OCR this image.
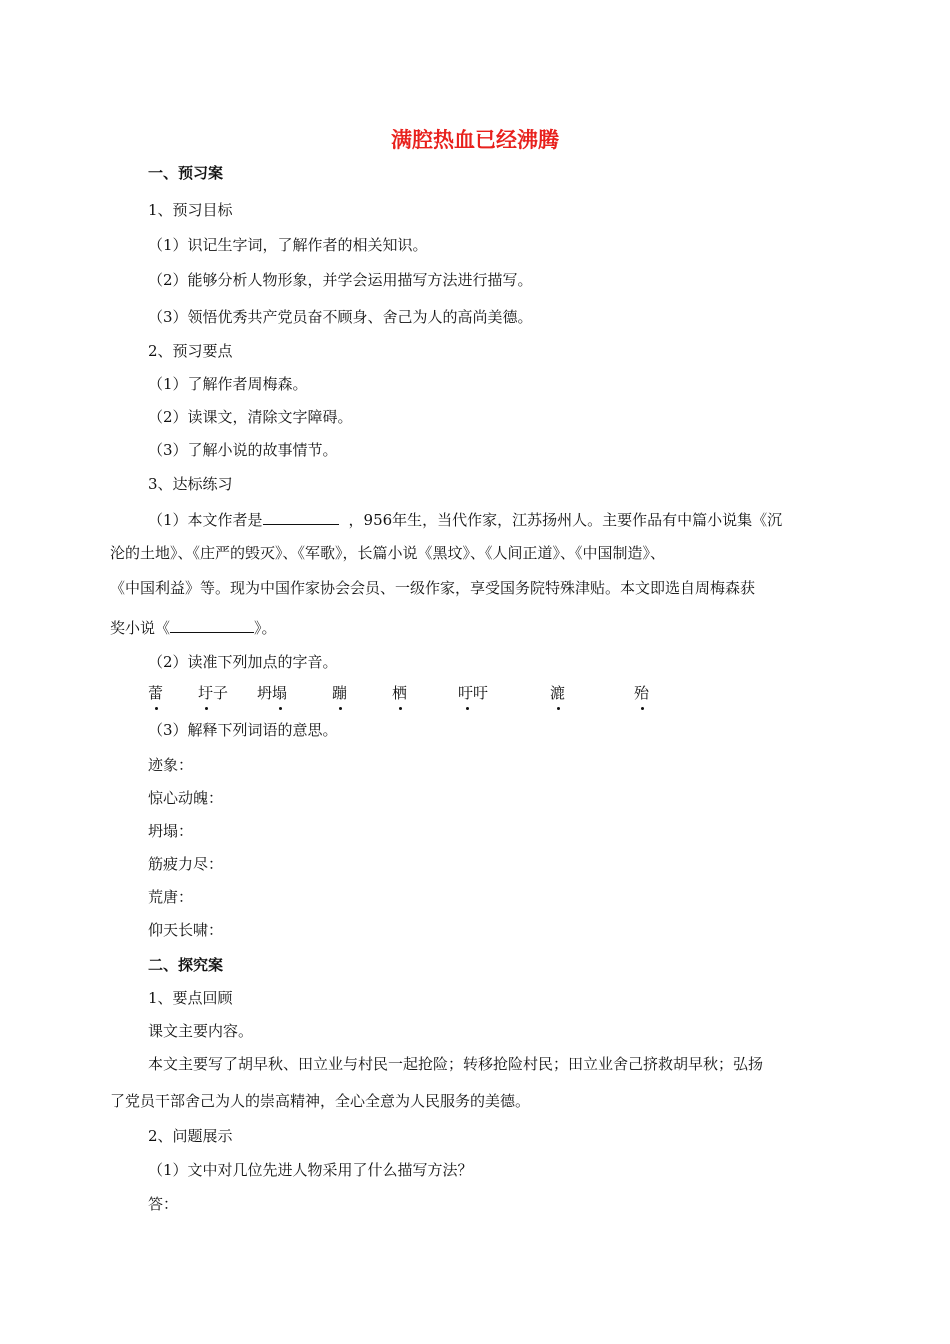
满腔热血已经沸腾
一、预习案
1、预习目标
（1）识记生字词，了解作者的相关知识。
（2）能够分析人物形象，并学会运用描写方法进行描写。
（3）领悟优秀共产党员奋不顾身、舍己为人的高尚美德。
2、预习要点
（1）了解作者周梅森。
（2）读课文，清除文字障碍。
（3）了解小说的故事情节。
3、达标练习
（1）本文作者是	，956年生，当代作家，江苏扬州人。主要作品有中篇小说集《沉
沦的土地》、《庄严的毁灭》、《军歌》，长篇小说《黑坟》、《人间正道》、《中国制造》、
《中国利益》等。现为中国作家协会会员、一级作家，享受国务院特殊津贴。本文即选自周梅森获
奖小说《	》。
（2）读准下列加点的字音。
蕾 圩子 坍塌	蹦	栖	吁吁	漉	殆
（3）解释下列词语的意思。
迹象：
惊心动魄：
坍塌：
筋疲力尽：
荒唐：
仰天长啸：
二、探究案
1、要点回顾
课文主要内容。
本文主要写了胡早秋、田立业与村民一起抢险；转移抢险村民；田立业舍己挤救胡早秋；弘扬
了党员干部舍己为人的崇高精神，全心全意为人民服务的美德。
2、问题展示
（1）文中对几位先进人物采用了什么描写方法？
答：
